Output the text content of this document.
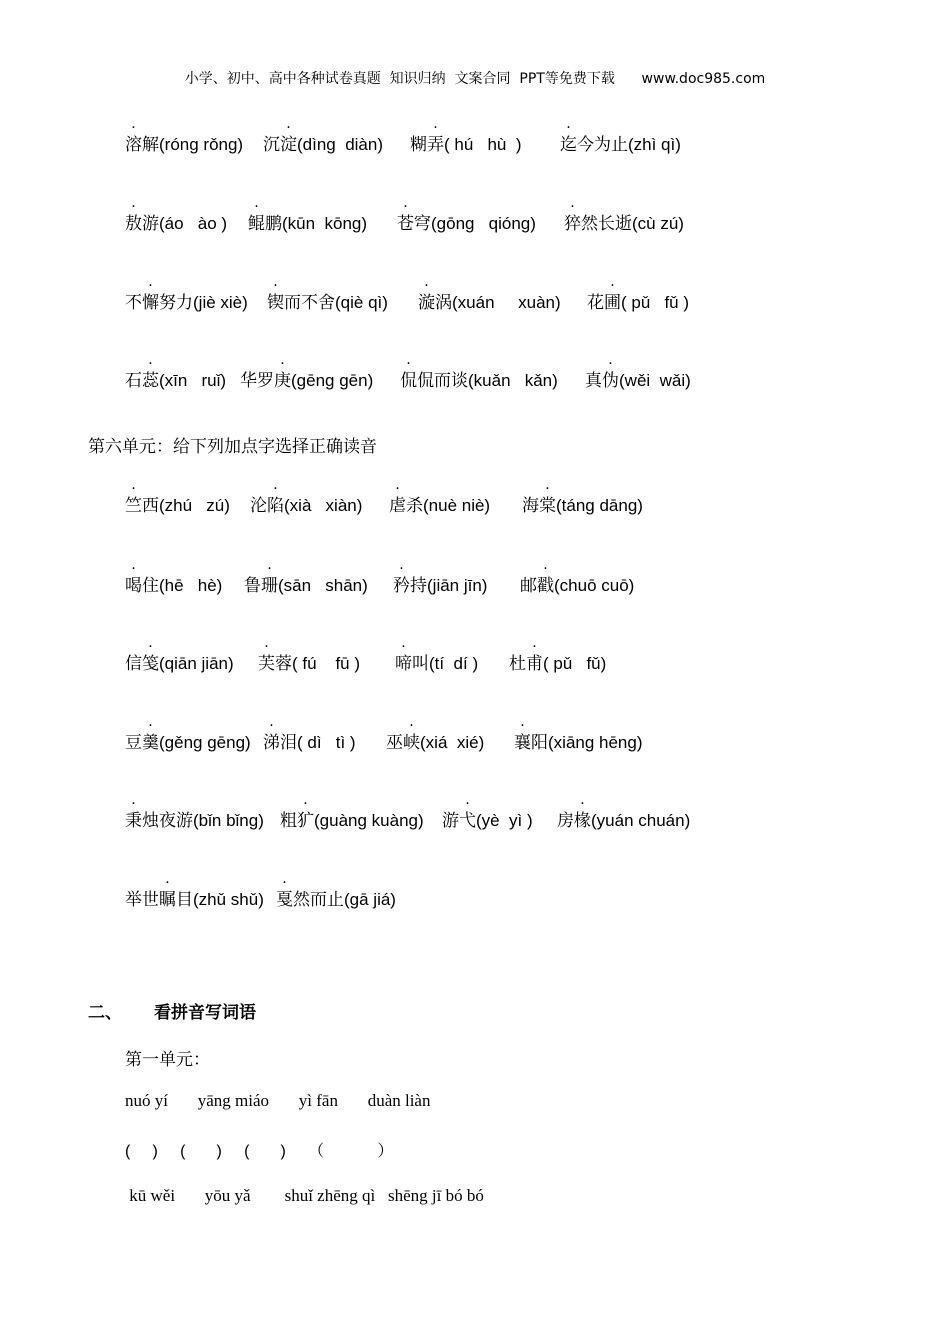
小学、初中、高中各种试卷真题  知识归纳  文案合同  PPT等免费下载      www.doc985.com
.
溶解(róng rǒng) 沉
.
淀(dìng  diàn) 糊
.
弄( hú   hù  )
.
迄今为止(zhì qì)
.
敖游(áo   ào )
.
鲲鹏(kūn  kōng)
.
苍穹(gōng   qióng)
.
猝然长逝(cù zú)
不
.
懈努力(jiè xiè)
.
锲而不舍(qiè qì)
.
漩涡(xuán     xuàn) 花
.
圃( pǔ   fǔ )
石
.
蕊(xīn   ruǐ) 华罗
.
庚(gēng gēn)
.
侃侃而谈(kuǎn   kǎn) 真
.
伪(wěi  wǎi)
第六单元：给下列加点字选择正确读音
.
竺西(zhú   zú) 沦
.
陷(xià   xiàn)
.
虐杀(nuè niè) 海
.
棠(táng dāng)
.
喝住(hē   hè) 鲁
.
珊(sān   shān)
.
矜持(jiān jīn) 邮
.
戳(chuō cuō)
信
.
笺(qiān jiān)
.
芙蓉( fú    fū )
.
啼叫(tí  dí ) 杜
.
甫( pǔ   fǔ)
豆
.
羹(gěng gēng)
.
涕泪( dì   tì ) 巫
.
峡(xiá  xié)
.
襄阳(xiāng hēng)
.
秉烛夜游(bǐn bǐng) 粗
.
犷(guàng kuàng) 游
.
弋(yè  yì ) 房
.
椽(yuán chuán)
举世
.
瞩目(zhǔ shǔ)
.
戛然而止(gā jiá)
二、 看拼音写词语
第一单元：
nuó yí       yāng miáo       yì fān       duàn liàn
(     )     (       )     (       )     （            ）
kū wěi       yōu yǎ        shuǐ zhēng qì   shēng jī bó bó
